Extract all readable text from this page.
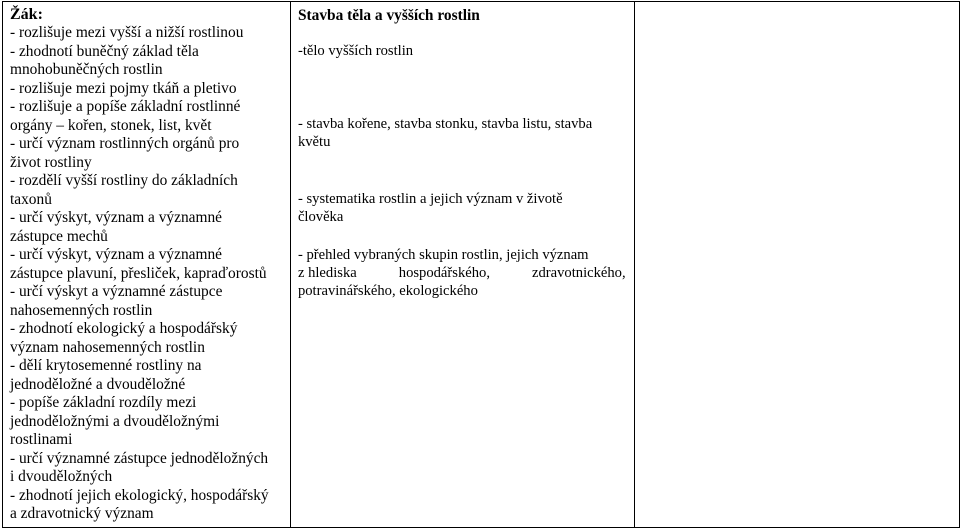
Žák:
- rozlišuje mezi vyšší a nižší rostlinou
- zhodnotí buněčný základ těla
mnohobuněčných rostlin
- rozlišuje mezi pojmy tkáň a pletivo
- rozlišuje a popíše základní rostlinné
orgány – kořen, stonek, list, květ
- určí význam rostlinných orgánů pro
život rostliny
- rozdělí vyšší rostliny do základních
taxonů
- určí výskyt, význam a významné
zástupce mechů
- určí výskyt, význam a významné
zástupce plavuní, přesliček, kapraďorostů
- určí výskyt a významné zástupce
nahosemenných rostlin
- zhodnotí ekologický a hospodářský
význam nahosemenných rostlin
- dělí krytosemenné rostliny na
jednoděložné a dvouděložné
- popíše základní rozdíly mezi
jednoděložnými a dvouděložnými
rostlinami
- určí významné zástupce jednoděložných
i dvouděložných
- zhodnotí jejich ekologický, hospodářský
a zdravotnický význam

Stavba těla a vyšších rostlin
-tělo vyšších rostlin
- stavba kořene, stavba stonku, stavba listu, stavba
květu
- systematika rostlin a jejich význam v životě
člověka
- přehled vybraných skupin rostlin, jejich význam
z hlediska	hospodářského,	zdravotnického,
potravinářského, ekologického
